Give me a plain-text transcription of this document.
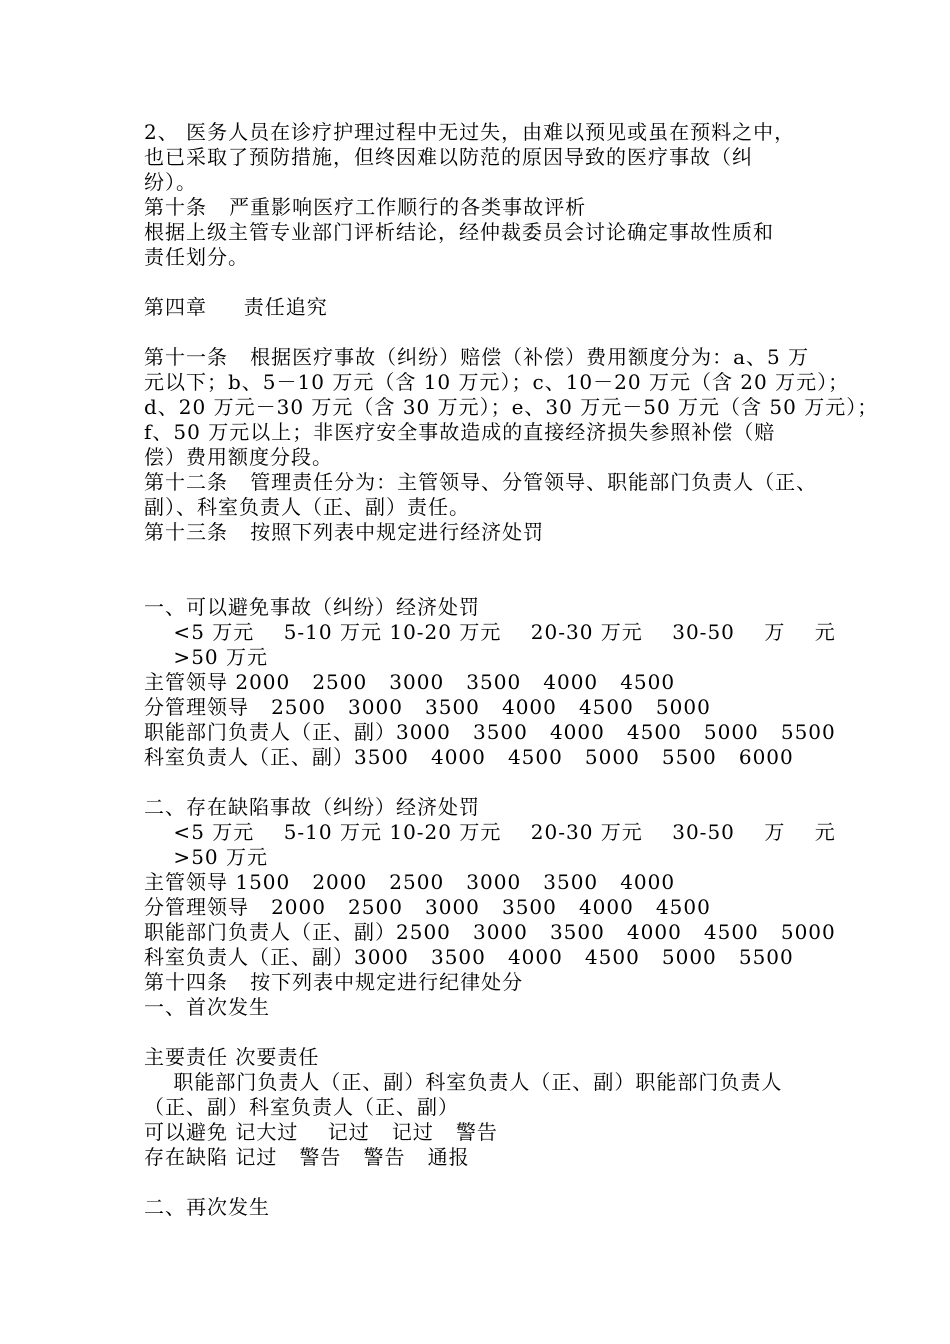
2、 医务人员在诊疗护理过程中无过失，由难以预见或虽在预料之中，
也已采取了预防措施，但终因难以防范的原因导致的医疗事故（纠
纷）。
第十条   严重影响医疗工作顺行的各类事故评析
根据上级主管专业部门评析结论，经仲裁委员会讨论确定事故性质和
责任划分。
第四章     责任追究
第十一条   根据医疗事故（纠纷）赔偿（补偿）费用额度分为：a、5 万
元以下；b、5－10 万元（含 10 万元）；c、10－20 万元（含 20 万元）；
d、20 万元－30 万元（含 30 万元）；e、30 万元－50 万元（含 50 万元）；
f、50 万元以上；非医疗安全事故造成的直接经济损失参照补偿（赔
偿）费用额度分段。
第十二条   管理责任分为：主管领导、分管领导、职能部门负责人（正、
副）、科室负责人（正、副）责任。
第十三条   按照下列表中规定进行经济处罚
一、可以避免事故（纠纷）经济处罚
<5 万元    5-10 万元 10-20 万元    20-30 万元    30-50    万    元
>50 万元
主管领导 2000   2500   3000   3500   4000   4500
分管理领导   2500   3000   3500   4000   4500   5000
职能部门负责人（正、副）3000   3500   4000   4500   5000   5500
科室负责人（正、副）3500   4000   4500   5000   5500   6000
二、存在缺陷事故（纠纷）经济处罚
<5 万元    5-10 万元 10-20 万元    20-30 万元    30-50    万    元
>50 万元
主管领导 1500   2000   2500   3000   3500   4000
分管理领导   2000   2500   3000   3500   4000   4500
职能部门负责人（正、副）2500   3000   3500   4000   4500   5000
科室负责人（正、副）3000   3500   4000   4500   5000   5500
第十四条   按下列表中规定进行纪律处分
一、首次发生
主要责任 次要责任
职能部门负责人（正、副）科室负责人（正、副）职能部门负责人
（正、副）科室负责人（正、副）
可以避免 记大过    记过   记过   警告
存在缺陷 记过   警告   警告   通报
二、再次发生
